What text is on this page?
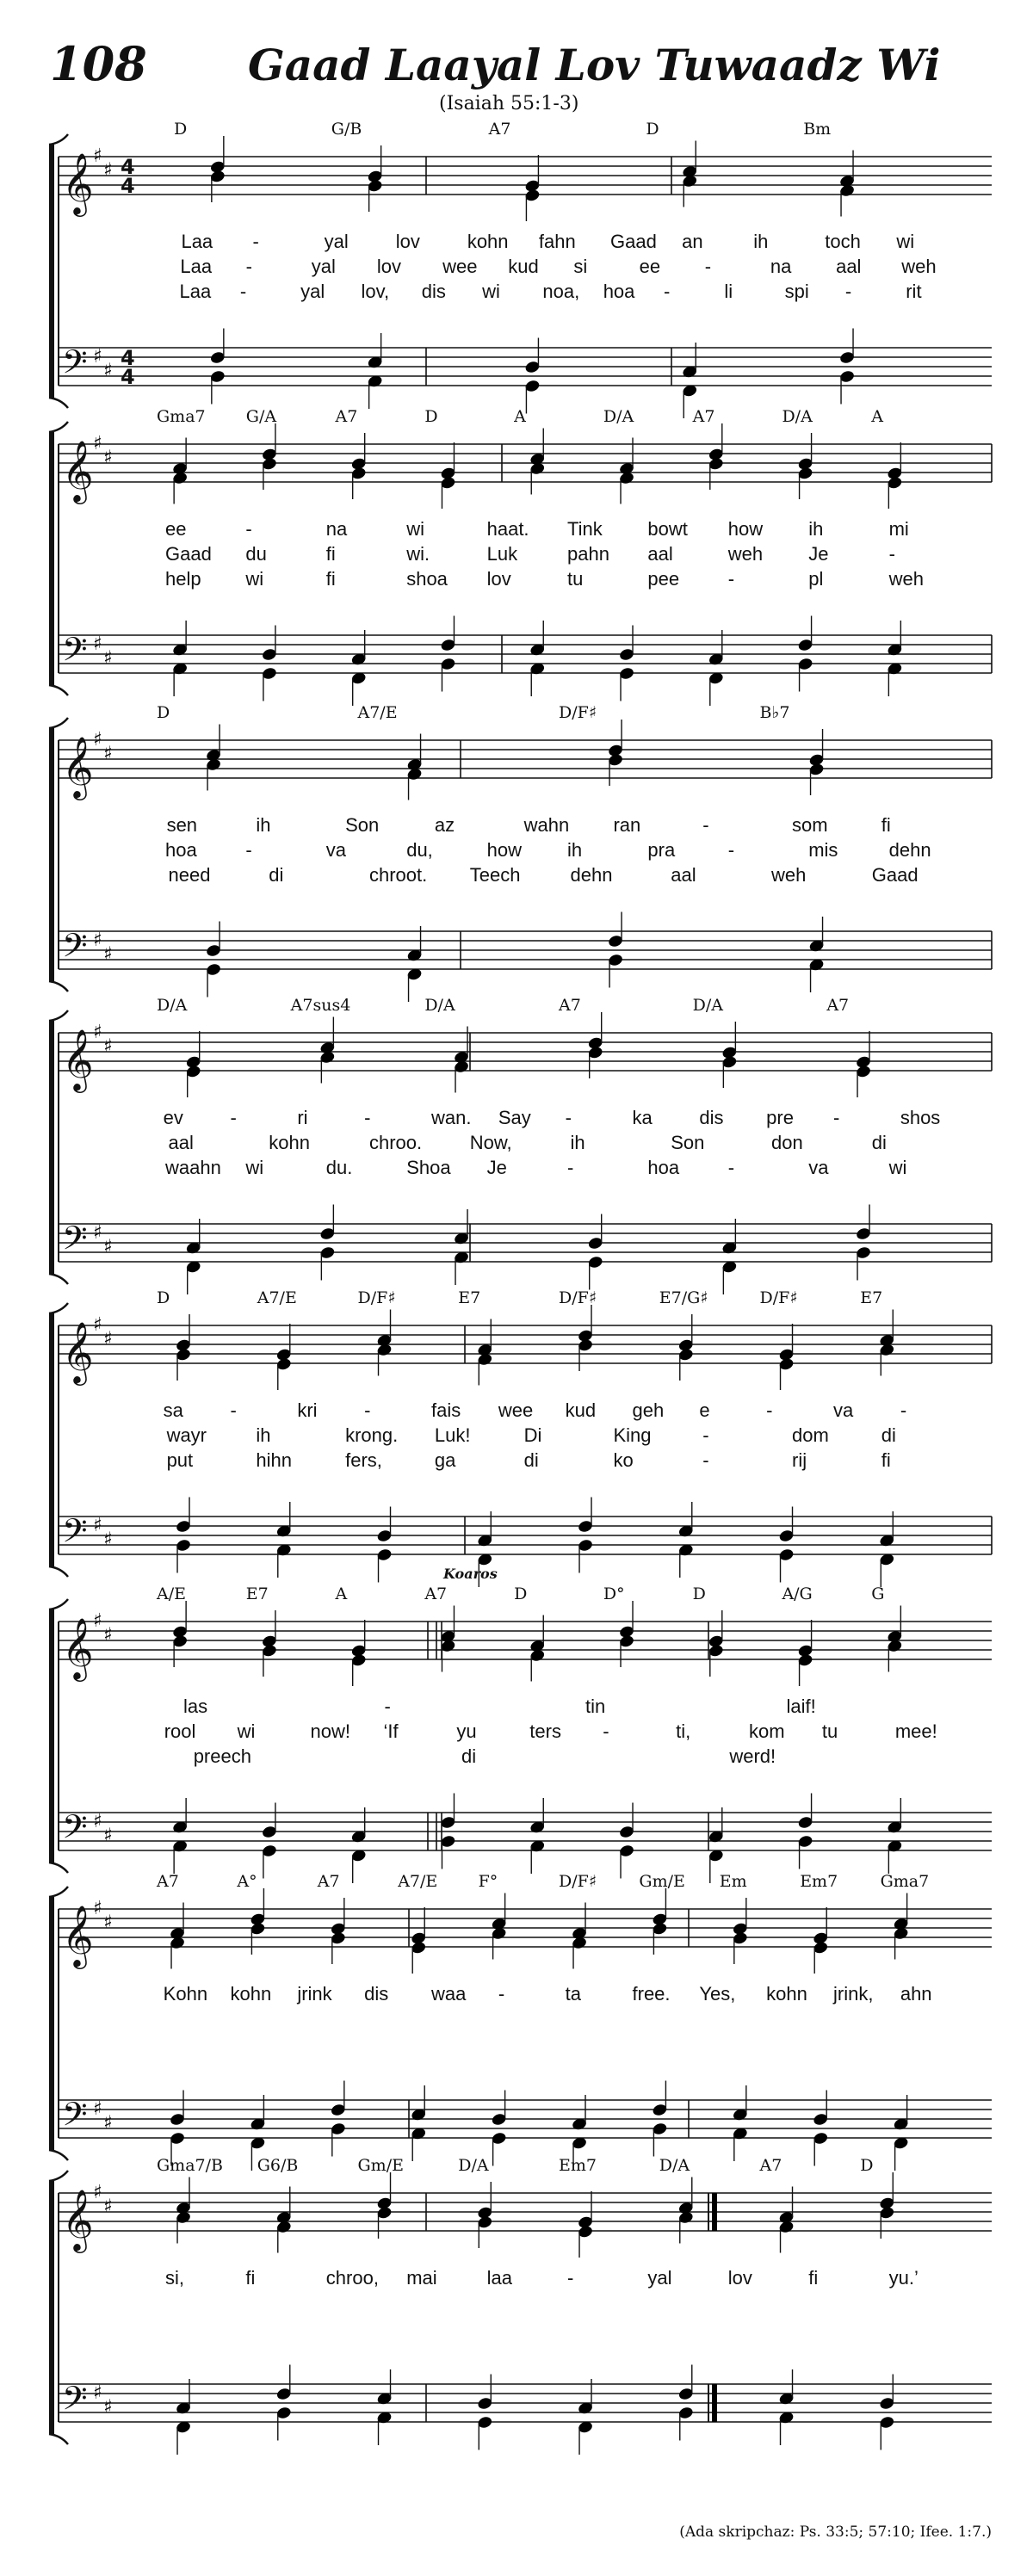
108 Gaad Laayal Lov Tuwaadz Wi
(Isaiah 55:1-3)
𝄞
𝄢
♯
♯
♯
♯
4
4
4
4
D	G/B	A7	D	Bm
Laa -	yal lov kohn fahn Gaad an	ih	toch wi
Laa -	yal lov wee kud si	ee -	na aal weh
Laa -	yal lov, dis wi noa, hoa -	li	spi -	rit
𝄞
𝄢
♯
♯
♯
♯
Gma7 G/A	A7	D	A	D/A	A7	D/A	A
ee	-	na	wi	haat. Tink bowt how ih	mi
Gaad du	fi	wi.	Luk	pahn aal	weh Je	-
help wi	fi	shoa lov	tu	pee	-	pl	weh
𝄞
𝄢
♯
♯
♯
♯
D	A7/E	D/F♯	B♭7
sen	ih	Son	az	wahn ran	-	som	fi
hoa	-	va	du,	how ih	pra	-	mis	dehn
need	di	chroot. Teech	dehn	aal	weh	Gaad
𝄞
𝄢
♯
♯
♯
♯
D/A	A7sus4	D/A	A7	D/A	A7
ev -	ri	-	wan. Say -	ka dis pre -	shos
aal	kohn	chroo.	Now,	ih	Son	don	di
waahn wi	du.	Shoa Je	-	hoa	-	va	wi
𝄞
𝄢
♯
♯
♯
♯
D	A7/E	D/F♯	E7	D/F♯	E7/G♯	D/F♯	E7
sa -	kri -	fais wee kud geh e	-	va -
wayr	ih	krong. Luk!	Di	King	-	dom	di
put	hihn	fers,	ga	di	ko	-	rij	fi
𝄞
𝄢
♯
♯
♯
♯
A/E	E7	A	A7	D	D°	D	A/G	G
Koaros
las	-	tin	laif!
rool wi	now! ‘If	yu	ters -	ti,	kom tu	mee!
preech	di	werd!
𝄞
𝄢
♯
♯
♯
♯
A7	A°	A7	A7/E F°	D/F♯	Gm/E Em	Em7	Gma7
Kohn kohn jrink dis waa -	ta	free. Yes, kohn jrink, ahn
𝄞
𝄢
♯
♯
♯
♯
Gma7/B G6/B	Gm/E	D/A	Em7	D/A	A7	D
si,	fi	chroo, mai	laa	-	yal	lov	fi	yu.’
(Ada skripchaz: Ps. 33:5; 57:10; Ifee. 1:7.)
